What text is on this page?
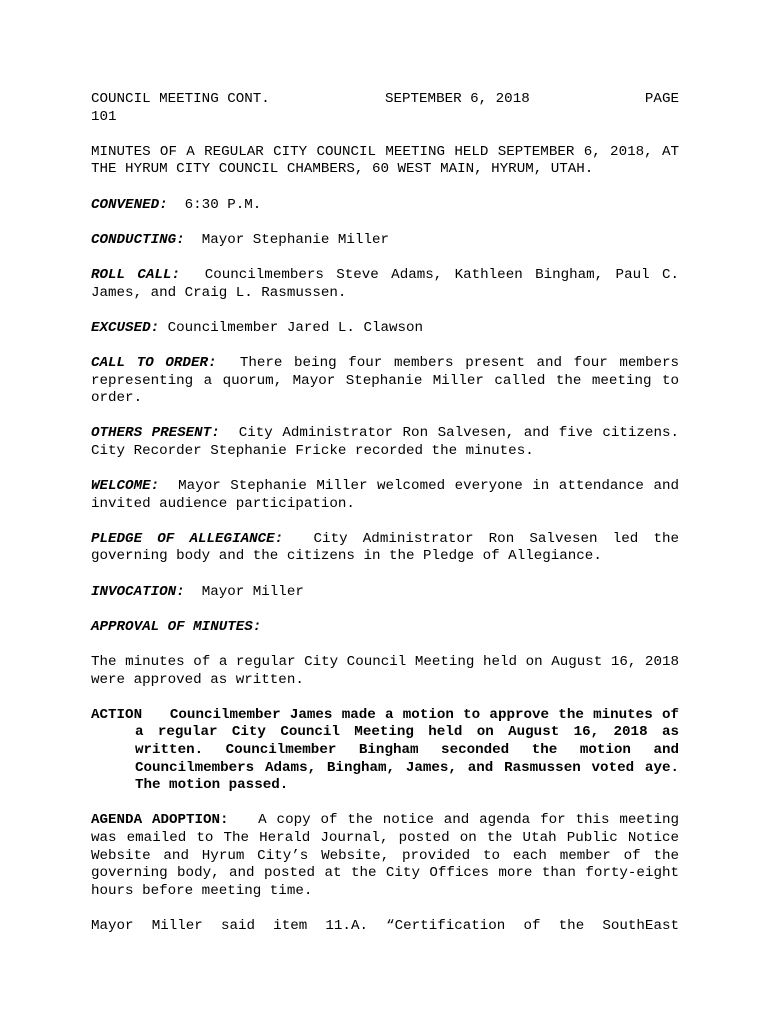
COUNCIL MEETING CONT.	SEPTEMBER 6, 2018	PAGE

101

MINUTES OF A REGULAR CITY COUNCIL MEETING HELD SEPTEMBER 6, 2018, AT THE HYRUM CITY COUNCIL CHAMBERS, 60 WEST MAIN, HYRUM, UTAH.

CONVENED: 6:30 P.M.

CONDUCTING: Mayor Stephanie Miller

ROLL CALL: Councilmembers Steve Adams, Kathleen Bingham, Paul C. James, and Craig L. Rasmussen.

EXCUSED: Councilmember Jared L. Clawson

CALL TO ORDER: There being four members present and four members representing a quorum, Mayor Stephanie Miller called the meeting to order.

OTHERS PRESENT: City Administrator Ron Salvesen, and five citizens. City Recorder Stephanie Fricke recorded the minutes.

WELCOME: Mayor Stephanie Miller welcomed everyone in attendance and invited audience participation.

PLEDGE OF ALLEGIANCE: City Administrator Ron Salvesen led the governing body and the citizens in the Pledge of Allegiance.

INVOCATION: Mayor Miller

APPROVAL OF MINUTES:

The minutes of a regular City Council Meeting held on August 16, 2018 were approved as written.

ACTION Councilmember James made a motion to approve the minutes of a regular City Council Meeting held on August 16, 2018 as written. Councilmember Bingham seconded the motion and Councilmembers Adams, Bingham, James, and Rasmussen voted aye. The motion passed.

AGENDA ADOPTION: A copy of the notice and agenda for this meeting was emailed to The Herald Journal, posted on the Utah Public Notice Website and Hyrum City’s Website, provided to each member of the governing body, and posted at the City Offices more than forty-eight hours before meeting time.

Mayor Miller said item 11.A. “Certification of the SouthEast
